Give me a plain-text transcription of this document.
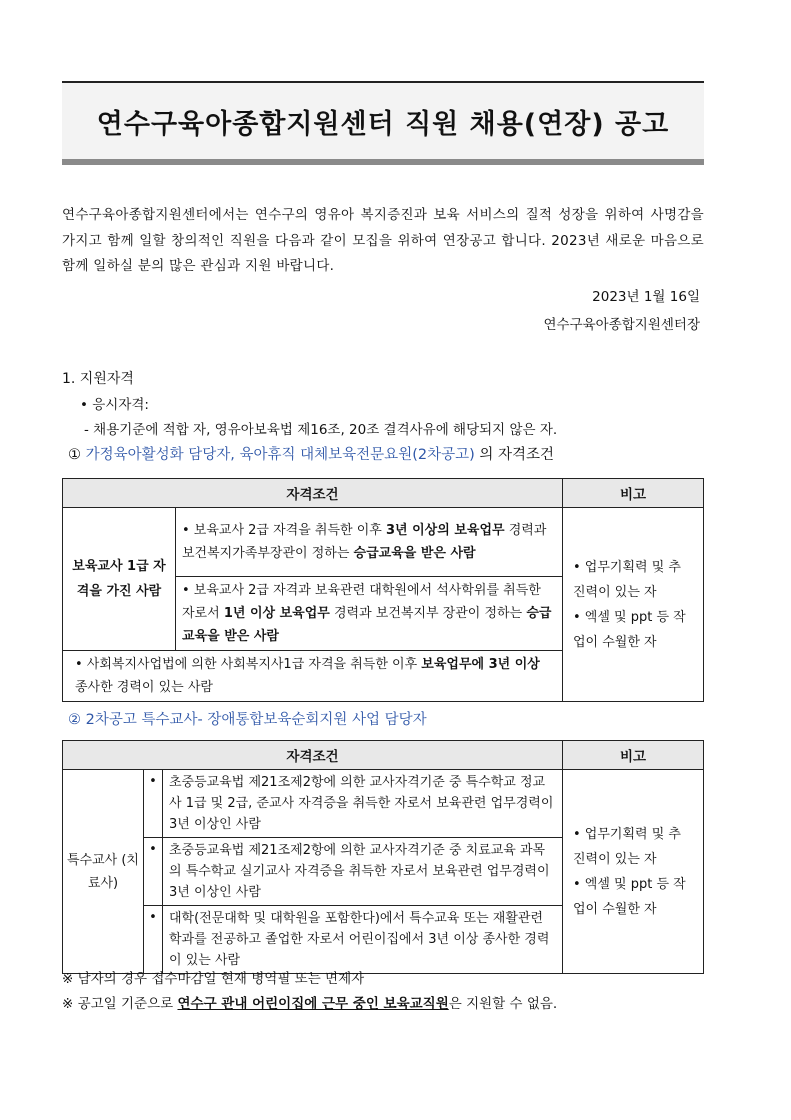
연수구육아종합지원센터 직원 채용(연장) 공고
연수구육아종합지원센터에서는 연수구의 영유아 복지증진과 보육 서비스의 질적 성장을 위하여 사명감을 가지고 함께 일할 창의적인 직원을 다음과 같이 모집을 위하여 연장공고 합니다. 2023년 새로운 마음으로 함께 일하실 분의 많은 관심과 지원 바랍니다.
2023년 1월 16일
연수구육아종합지원센터장
1. 지원자격
• 응시자격:
- 채용기준에 적합 자, 영유아보육법 제16조, 20조 결격사유에 해당되지 않은 자.
① 가정육아활성화 담당자, 육아휴직 대체보육전문요원(2차공고) 의 자격조건
자격조건		비고
보육교사 1급 자격을 가진 사람	• 보육교사 2급 자격을 취득한 이후 3년 이상의 보육업무 경력과 보건복지가족부장관이 정하는 승급교육을 받은 사람	• 업무기획력 및 추진력이 있는 자
• 엑셀 및 ppt 등 작업이 수월한 자

	• 보육교사 2급 자격과 보육관련 대학원에서 석사학위를 취득한 자로서 1년 이상 보육업무 경력과 보건복지부 장관이 정하는 승급교육을 받은 사람	
• 사회복지사업법에 의한 사회복지사1급 자격을 취득한 이후 보육업무에 3년 이상 종사한 경력이 있는 사람		
② 2차공고 특수교사- 장애통합보육순회지원 사업 담당자
자격조건			비고
특수교사 (치료사)	•	초중등교육법 제21조제2항에 의한 교사자격기준 중 특수학교 정교사 1급 및 2급, 준교사 자격증을 취득한 자로서 보육관련 업무경력이 3년 이상인 사람	• 업무기획력 및 추진력이 있는 자
• 엑셀 및 ppt 등 작업이 수월한 자

	•	초중등교육법 제21조제2항에 의한 교사자격기준 중 치료교육 과목의 특수학교 실기교사 자격증을 취득한 자로서 보육관련 업무경력이 3년 이상인 사람	
	•	대학(전문대학 및 대학원을 포함한다)에서 특수교육 또는 재활관련 학과를 전공하고 졸업한 자로서 어린이집에서 3년 이상 종사한 경력이 있는 사람	
※ 남자의 경우 접수마감일 현재 병역필 또는 면제자
※ 공고일 기준으로 연수구 관내 어린이집에 근무 중인 보육교직원은 지원할 수 없음.
